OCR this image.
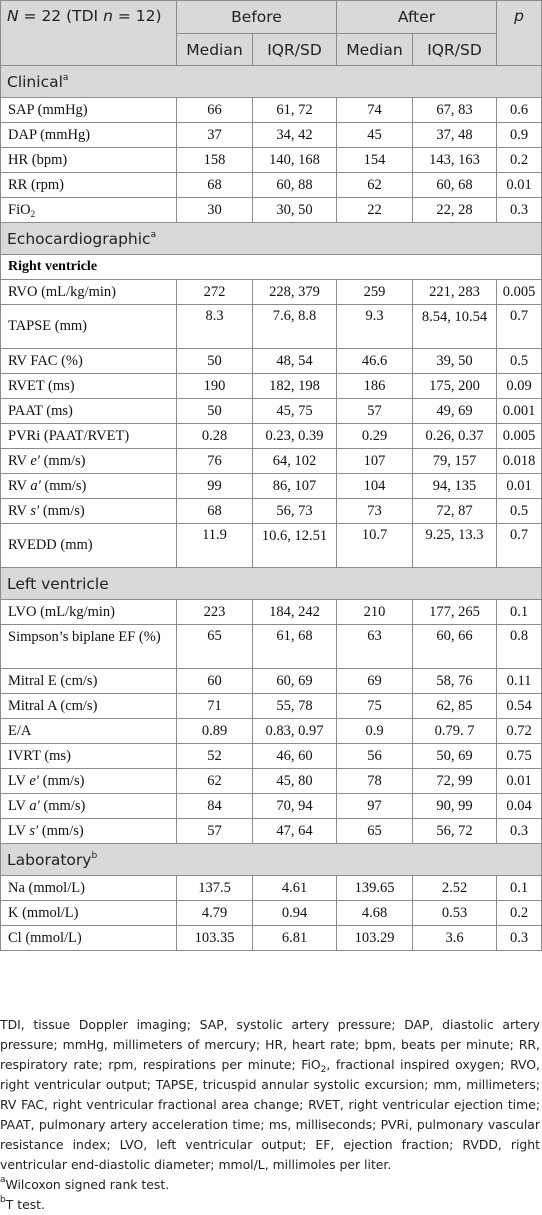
N = 22 (TDI n = 12)	Before		After		p
	Median	IQR/SD	Median	IQR/SD	
Clinical$^a$
SAP (mmHg)	66	61, 72	74	67, 83	0.6
DAP (mmHg)	37	34, 42	45	37, 48	0.9
HR (bpm)	158	140, 168	154	143, 163	0.2
RR (rpm)	68	60, 88	62	60, 68	0.01
FiO$_2$	30	30, 50	22	22, 28	0.3
Echocardiographic$^a$
Right ventricle					
RVO (mL/kg/min)	272	228, 379	259	221, 283	0.005
TAPSE (mm)	8.3	7.6, 8.8	9.3	8.54, 10.54	0.7
RV FAC (%)	50	48, 54	46.6	39, 50	0.5
RVET (ms)	190	182, 198	186	175, 200	0.09
PAAT (ms)	50	45, 75	57	49, 69	0.001
PVRi (PAAT/RVET)	0.28	0.23, 0.39	0.29	0.26, 0.37	0.005
RV e′ (mm/s)	76	64, 102	107	79, 157	0.018
RV a′ (mm/s)	99	86, 107	104	94, 135	0.01
RV s′ (mm/s)	68	56, 73	73	72, 87	0.5
RVEDD (mm)	11.9	10.6, 12.51	10.7	9.25, 13.3	0.7
Left ventricle					
LVO (mL/kg/min)	223	184, 242	210	177, 265	0.1
Simpson’s biplane EF (%)	65	61, 68	63	60, 66	0.8
Mitral E (cm/s)	60	60, 69	69	58, 76	0.11
Mitral A (cm/s)	71	55, 78	75	62, 85	0.54
E/A	0.89	0.83, 0.97	0.9	0.79. 7	0.72
IVRT (ms)	52	46, 60	56	50, 69	0.75
LV e′ (mm/s)	62	45, 80	78	72, 99	0.01
LV a′ (mm/s)	84	70, 94	97	90, 99	0.04
LV s′ (mm/s)	57	47, 64	65	56, 72	0.3
Laboratory$^b$
Na (mmol/L)	137.5	4.61	139.65	2.52	0.1
K (mmol/L)	4.79	0.94	4.68	0.53	0.2
Cl (mmol/L)	103.35	6.81	103.29	3.6	0.3

TDI, tissue Doppler imaging; SAP, systolic artery pressure; DAP, diastolic artery pressure; mmHg, millimeters of mercury; HR, heart rate; bpm, beats per minute; RR, respiratory rate; rpm, respirations per minute; FiO$_2$, fractional inspired oxygen; RVO, right ventricular output; TAPSE, tricuspid annular systolic excursion; mm, millimeters; RV FAC, right ventricular fractional area change; RVET, right ventricular ejection time; PAAT, pulmonary artery acceleration time; ms, milliseconds; PVRi, pulmonary vascular resistance index; LVO, left ventricular output; EF, ejection fraction; RVDD, right ventricular end-diastolic diameter; mmol/L, millimoles per liter.

$^a$Wilcoxon signed rank test.

$^b$T test.
